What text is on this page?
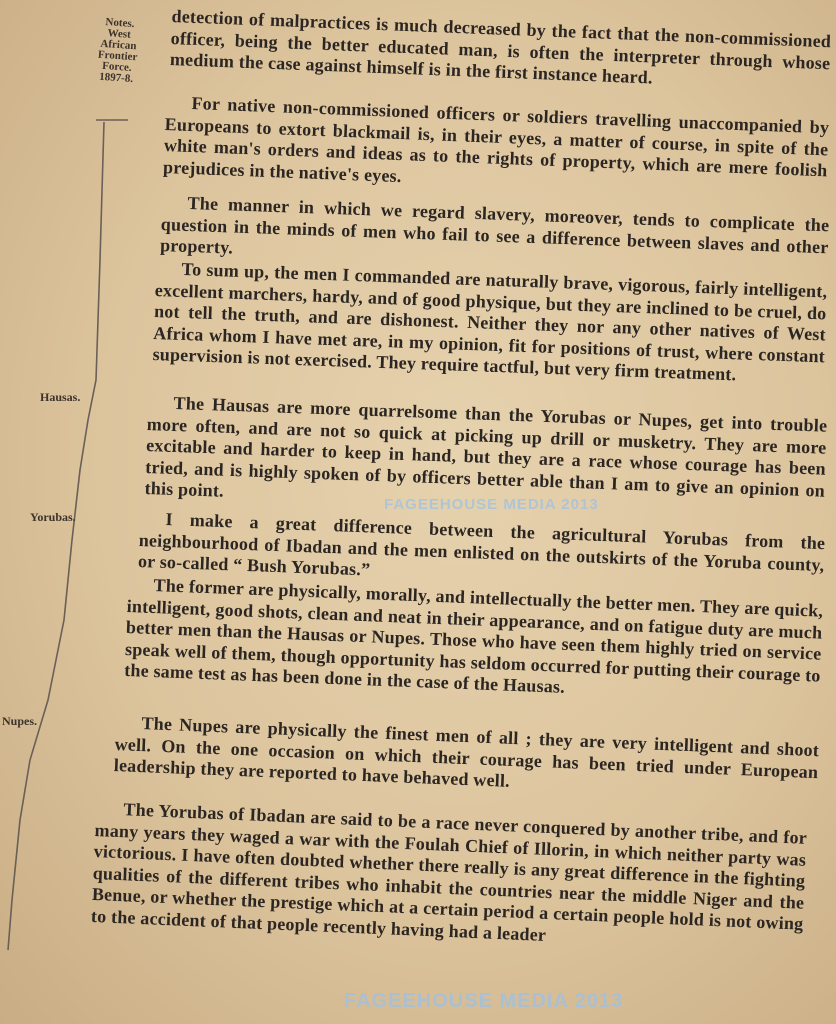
Notes.
West
African
Frontier
Force.
1897-8.
Hausas.
Yorubas.
Nupes.
detection of malpractices is much decreased by the fact that the non-commissioned officer, being the better educated man, is often the interpreter through whose medium the case against himself is in the first instance heard.
For native non-commissioned officers or soldiers travelling unaccompanied by Europeans to extort blackmail is, in their eyes, a matter of course, in spite of the white man's orders and ideas as to the rights of property, which are mere foolish prejudices in the native's eyes.
The manner in which we regard slavery, moreover, tends to complicate the question in the minds of men who fail to see a difference between slaves and other property.
To sum up, the men I commanded are naturally brave, vigorous, fairly intelligent, excellent marchers, hardy, and of good physique, but they are inclined to be cruel, do not tell the truth, and are dishonest. Neither they nor any other natives of West Africa whom I have met are, in my opinion, fit for positions of trust, where constant supervision is not exercised. They require tactful, but very firm treatment.
The Hausas are more quarrelsome than the Yorubas or Nupes, get into trouble more often, and are not so quick at picking up drill or musketry. They are more excitable and harder to keep in hand, but they are a race whose courage has been tried, and is highly spoken of by officers better able than I am to give an opinion on this point.
I make a great difference between the agricultural Yorubas from the neighbourhood of Ibadan and the men enlisted on the outskirts of the Yoruba county, or so-called “ Bush Yorubas.”
The former are physically, morally, and intellectually the better men. They are quick, intelligent, good shots, clean and neat in their appearance, and on fatigue duty are much better men than the Hausas or Nupes. Those who have seen them highly tried on service speak well of them, though opportunity has seldom occurred for putting their courage to the same test as has been done in the case of the Hausas.
The Nupes are physically the finest men of all ; they are very intelligent and shoot well. On the one occasion on which their courage has been tried under European leadership they are reported to have behaved well.
The Yorubas of Ibadan are said to be a race never conquered by another tribe, and for many years they waged a war with the Foulah Chief of Illorin, in which neither party was victorious. I have often doubted whether there really is any great difference in the fighting qualities of the different tribes who inhabit the countries near the middle Niger and the Benue, or whether the prestige which at a certain period a certain people hold is not owing to the accident of that people recently having had a leader
FAGEEHOUSE MEDIA 2013
FAGEEHOUSE MEDIA 2013
